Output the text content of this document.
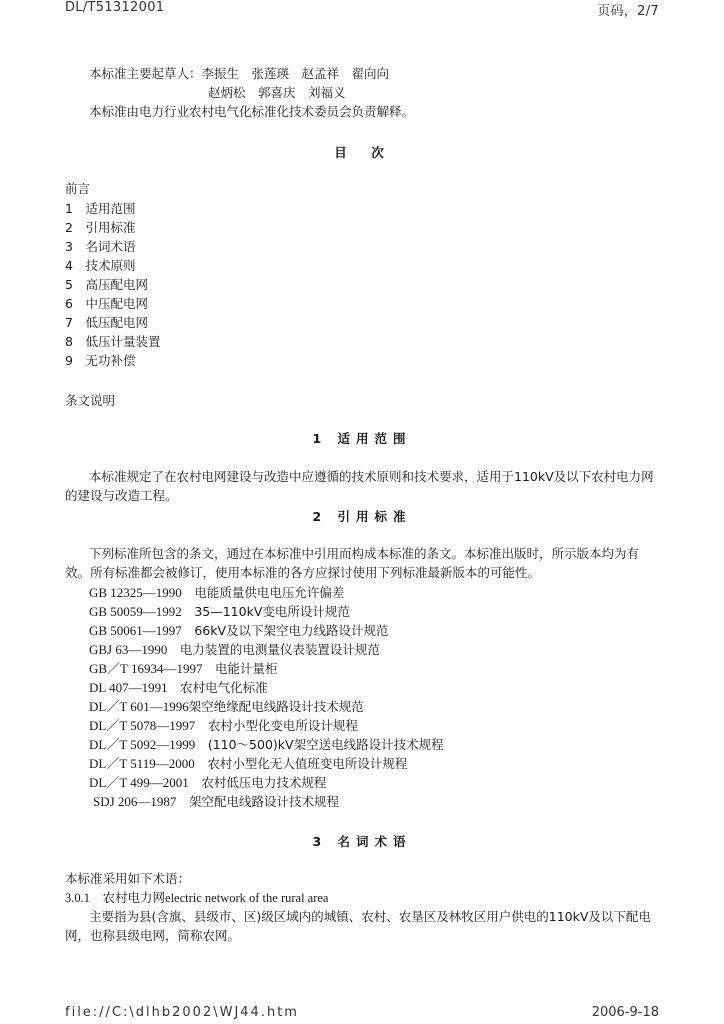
DL/T51312001	页码，2/7
本标准主要起草人：李振生　张莲瑛　赵孟祥　翟向向
赵炳松　郭喜庆　刘福义
本标准由电力行业农村电气化标准化技术委员会负责解释。
目　次
前言
1　适用范围
2　引用标准
3　名词术语
4　技术原则
5　高压配电网
6　中压配电网
7　低压配电网
8　低压计量装置
9　无功补偿
条文说明
1 适用范围
本标准规定了在农村电网建设与改造中应遵循的技术原则和技术要求，适用于110kV及以下农村电力网的建设与改造工程。
2 引用标准
下列标准所包含的条文，通过在本标准中引用而构成本标准的条文。本标准出版时，所示版本均为有效。所有标准都会被修订，使用本标准的各方应探讨使用下列标准最新版本的可能性。
GB 12325—1990　 电能质量供电电压允许偏差
GB 50059—1992　 35—110kV变电所设计规范
GB 50061—1997　 66kV及以下架空电力线路设计规范
GBJ 63—1990　 电力装置的电测量仪表装置设计规范
GB／T 16934—1997　 电能计量柜
DL 407—1991　 农村电气化标准
DL／T 601—1996架空绝缘配电线路设计技术规范
DL／T 5078—1997　 农村小型化变电所设计规程
DL／T 5092—1999　 (110～500)kV架空送电线路设计技术规程
DL／T 5119—2000　 农村小型化无人值班变电所设计规程
DL／T 499—2001　 农村低压电力技术规程
SDJ 206—1987　 架空配电线路设计技术规程
3 名词术语
本标准采用如下术语：
3.0.1　 农村电力网electric network of the rural area
主要指为县(含旗、县级市、区)级区域内的城镇、农村、农垦区及林牧区用户供电的110kV及以下配电网，也称县级电网，简称农网。
file://C:\dlhb2002\WJ44.htm	2006-9-18
